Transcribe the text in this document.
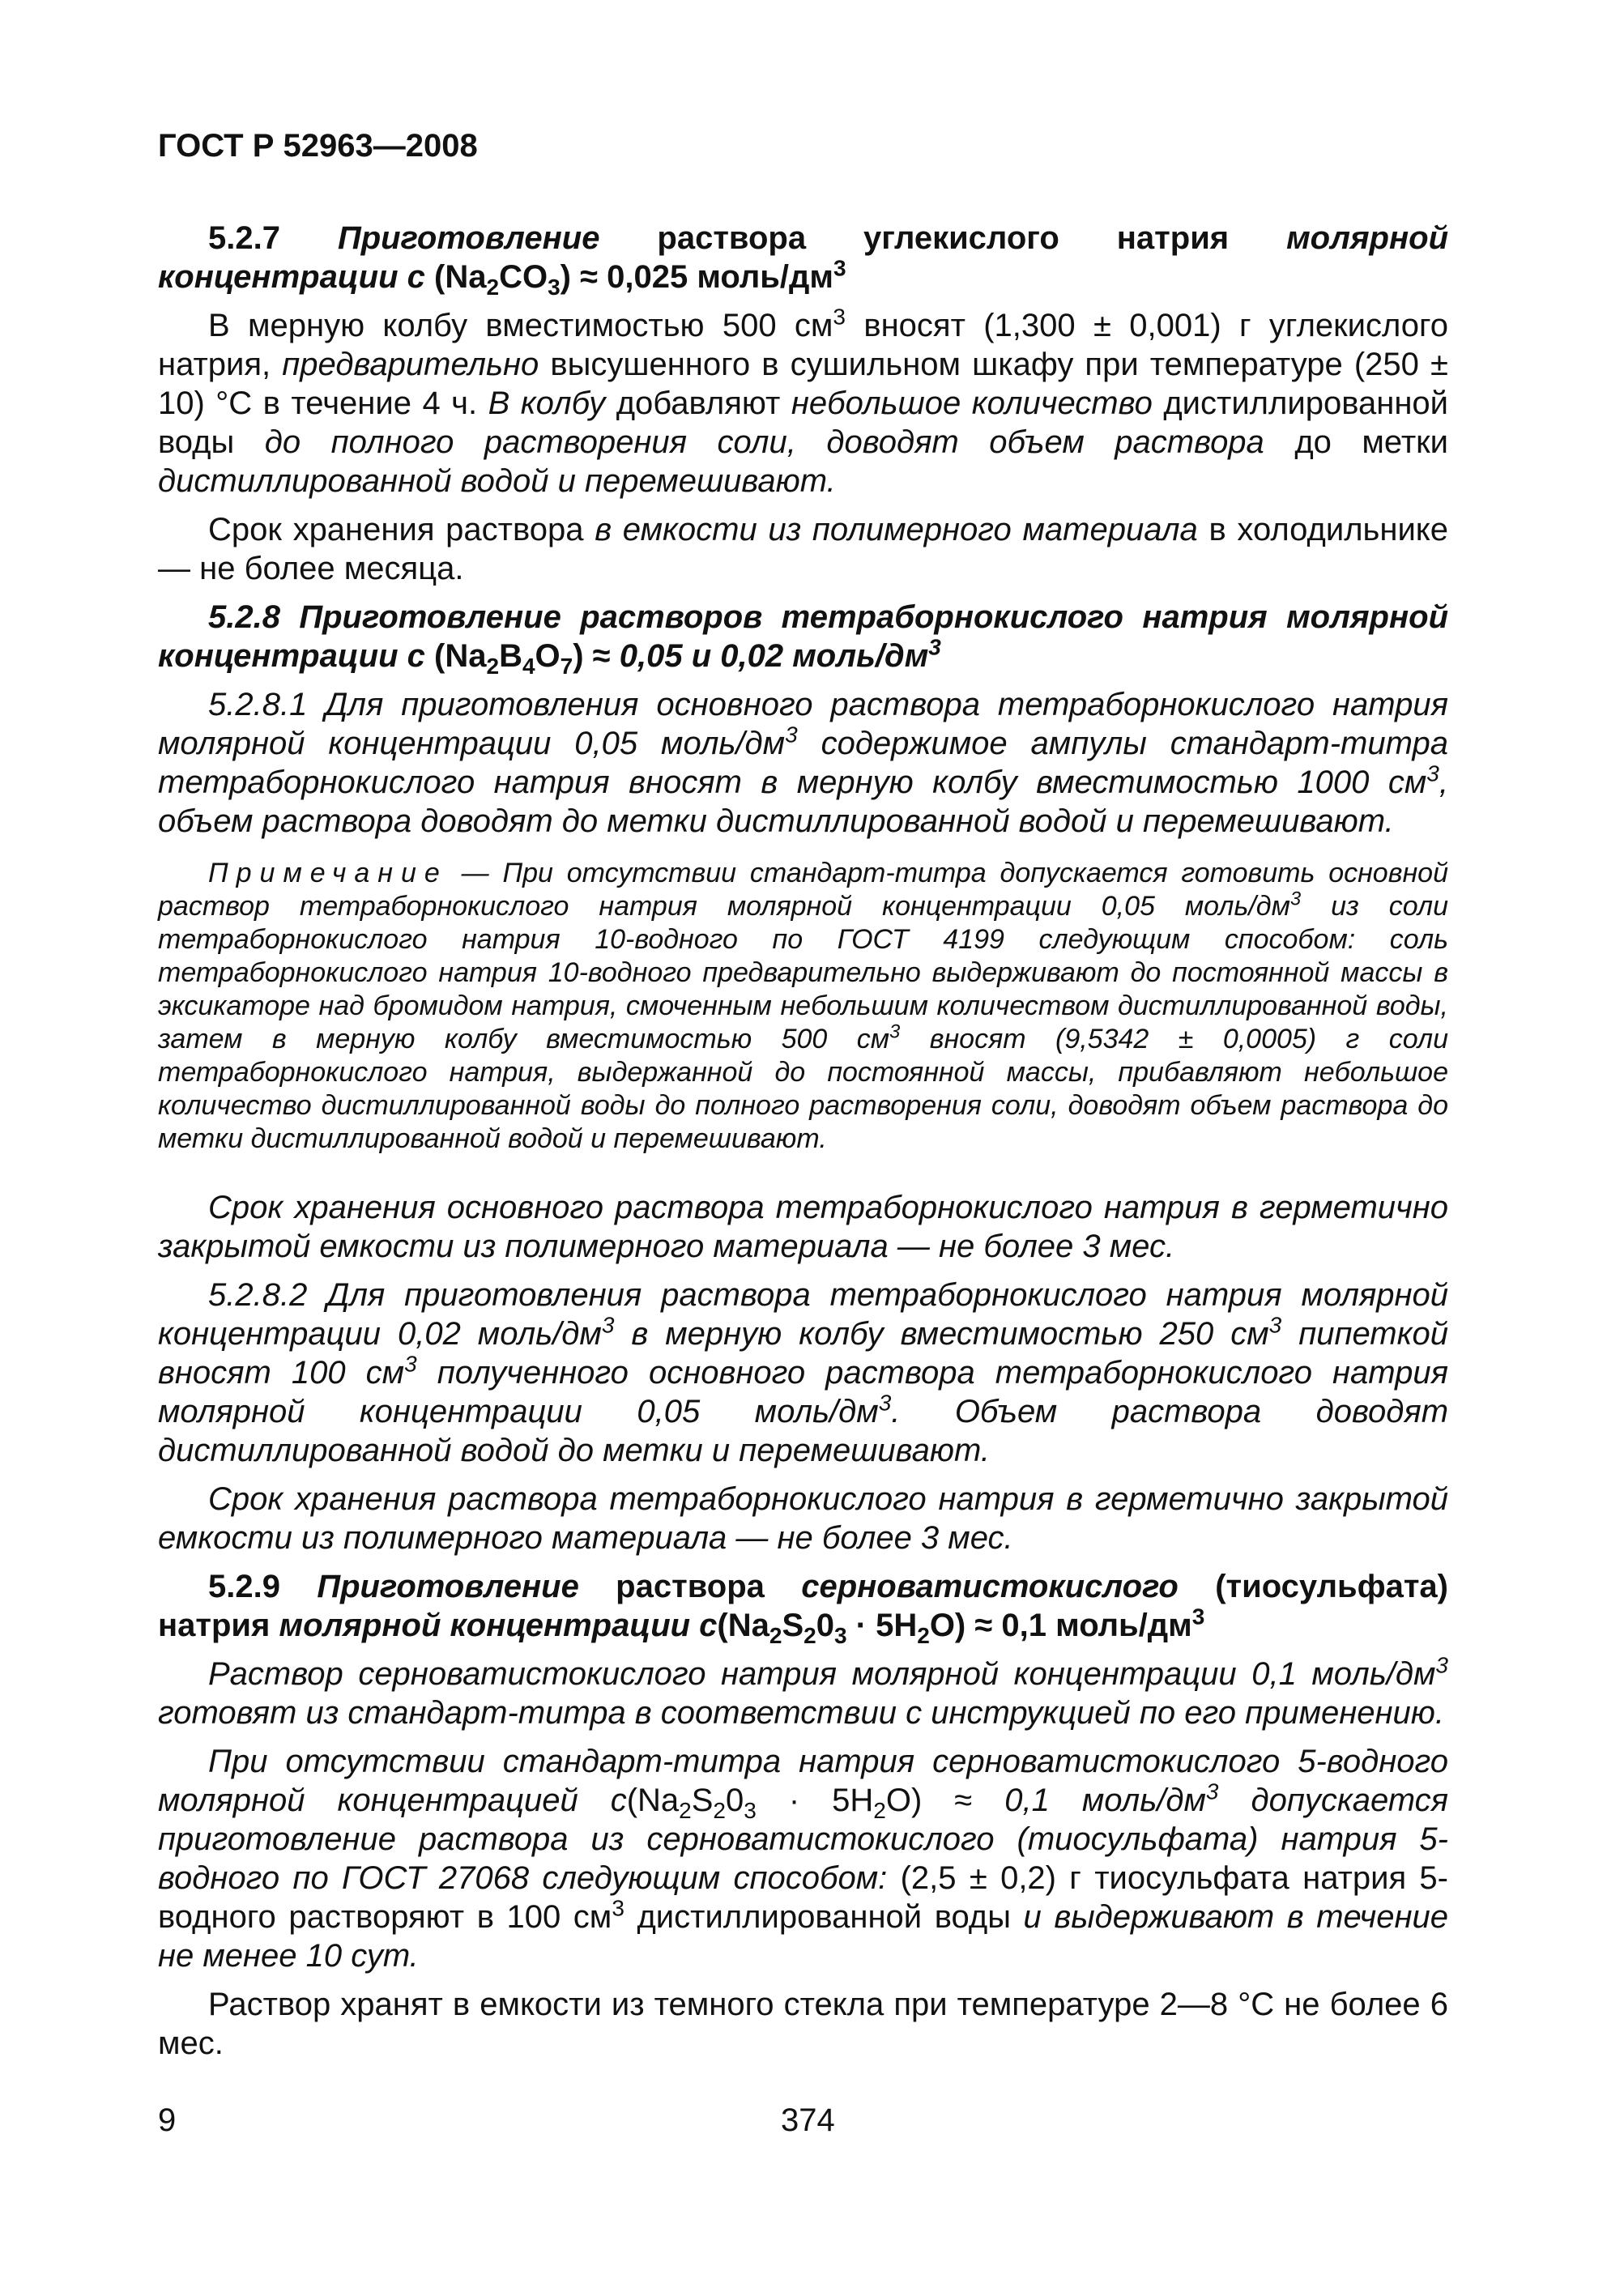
ГОСТ Р 52963—2008

5.2.7 Приготовление раствора углекислого натрия молярной концентрации с $(Na_2CO_3) \approx 0,025$ моль/$дм^3$

В мерную колбу вместимостью 500 $см^3$ вносят (1,300 ± 0,001) г углекислого натрия, предварительно высушенного в сушильном шкафу при температуре (250 ± 10) °С в течение 4 ч. В колбу добавляют небольшое количество дистиллированной воды до полного растворения соли, доводят объем раствора до метки дистиллированной водой и перемешивают.

Срок хранения раствора в емкости из полимерного материала в холодильнике — не более месяца.

5.2.8 Приготовление растворов тетраборнокислого натрия молярной концентрации с $(Na_2B_4O_7) \approx 0,05$ и 0,02 моль/$дм^3$

5.2.8.1 Для приготовления основного раствора тетраборнокислого натрия молярной концентрации 0,05 моль/$дм^3$ содержимое ампулы стандарт-титра тетраборнокислого натрия вносят в мерную колбу вместимостью 1000 $см^3$, объем раствора доводят до метки дистиллированной водой и перемешивают.

Примечание — При отсутствии стандарт-титра допускается готовить основной раствор тетраборнокислого натрия молярной концентрации 0,05 моль/$дм^3$ из соли тетраборнокислого натрия 10-водного по ГОСТ 4199 следующим способом: соль тетраборнокислого натрия 10-водного предварительно выдерживают до постоянной массы в эксикаторе над бромидом натрия, смоченным небольшим количеством дистиллированной воды, затем в мерную колбу вместимостью 500 $см^3$ вносят (9,5342 ± 0,0005) г соли тетраборнокислого натрия, выдержанной до постоянной массы, прибавляют небольшое количество дистиллированной воды до полного растворения соли, доводят объем раствора до метки дистиллированной водой и перемешивают.

Срок хранения основного раствора тетраборнокислого натрия в герметично закрытой емкости из полимерного материала — не более 3 мес.

5.2.8.2 Для приготовления раствора тетраборнокислого натрия молярной концентрации 0,02 моль/$дм^3$ в мерную колбу вместимостью 250 $см^3$ пипеткой вносят 100 $см^3$ полученного основного раствора тетраборнокислого натрия молярной концентрации 0,05 моль/$дм^3$. Объем раствора доводят дистиллированной водой до метки и перемешивают.

Срок хранения раствора тетраборнокислого натрия в герметично закрытой емкости из полимерного материала — не более 3 мес.

5.2.9 Приготовление раствора серноватистокислого (тиосульфата) натрия молярной концентрации $с(Na_2S_20_3 \cdot 5H_2O) \approx 0,1$ моль/$дм^3$

Раствор серноватистокислого натрия молярной концентрации 0,1 моль/$дм^3$ готовят из стандарт-титра в соответствии с инструкцией по его применению.

При отсутствии стандарт-титра натрия серноватистокислого 5-водного молярной концентрацией $с(Na_2S_20_3 \cdot 5H_2O) \approx 0,1$ моль/$дм^3$ допускается приготовление раствора из серноватистокислого (тиосульфата) натрия 5-водного по ГОСТ 27068 следующим способом: (2,5 ± 0,2) г тиосульфата натрия 5-водного растворяют в 100 $см^3$ дистиллированной воды и выдерживают в течение не менее 10 сут.

Раствор хранят в емкости из темного стекла при температуре 2—8 °С не более 6 мес.

9	374
